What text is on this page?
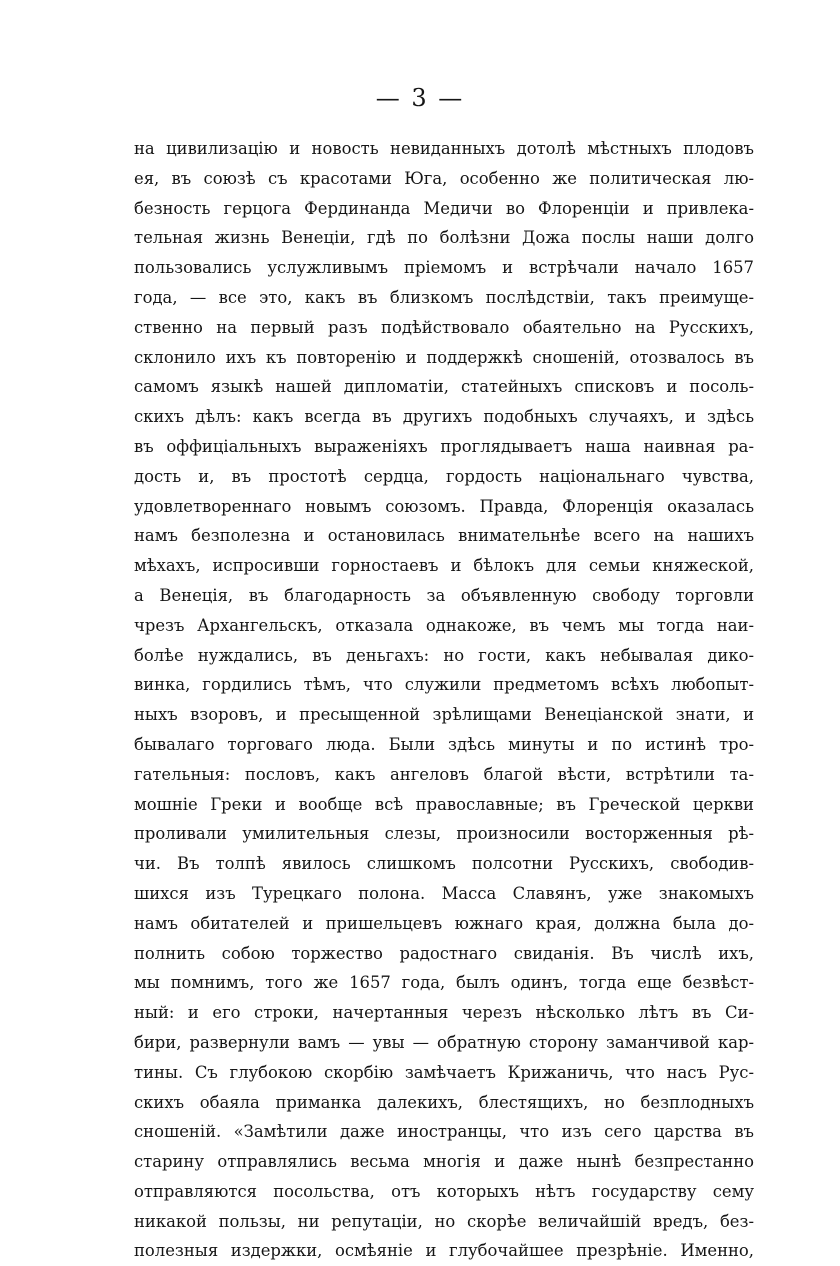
— 3 —
на цивилизацію и новость невиданныхъ дотолѣ мѣстныхъ плодовъ
ея, въ союзѣ съ красотами Юга, особенно же политическая лю-
безность герцога Фердинанда Медичи во Флоренціи и привлека-
тельная жизнь Венеціи, гдѣ по болѣзни Дожа послы наши долго
пользовались услужливымъ пріемомъ и встрѣчали начало 1657
года, — все это, какъ въ близкомъ послѣдствіи, такъ преимуще-
ственно на первый разъ подѣйствовало обаятельно на Русскихъ,
склонило ихъ къ повторенію и поддержкѣ сношеній, отозвалось въ
самомъ языкѣ нашей дипломатіи, статейныхъ списковъ и посоль-
скихъ дѣлъ: какъ всегда въ другихъ подобныхъ случаяхъ, и здѣсь
въ оффиціальныхъ выраженіяхъ проглядываетъ наша наивная ра-
дость и, въ простотѣ сердца, гордость національнаго чувства,
удовлетвореннаго новымъ союзомъ. Правда, Флоренція оказалась
намъ безполезна и остановилась внимательнѣе всего на нашихъ
мѣхахъ, испросивши горностаевъ и бѣлокъ для семьи княжеской,
а Венеція, въ благодарность за объявленную свободу торговли
чрезъ Архангельскъ, отказала однакоже, въ чемъ мы тогда наи-
болѣе нуждались, въ деньгахъ: но гости, какъ небывалая дико-
винка, гордились тѣмъ, что служили предметомъ всѣхъ любопыт-
ныхъ взоровъ, и пресыщенной зрѣлищами Венеціанской знати, и
бывалаго торговаго люда. Были здѣсь минуты и по истинѣ тро-
гательныя: пословъ, какъ ангеловъ благой вѣсти, встрѣтили та-
мошніе Греки и вообще всѣ православные; въ Греческой церкви
проливали умилительныя слезы, произносили восторженныя рѣ-
чи. Въ толпѣ явилось слишкомъ полсотни Русскихъ, свободив-
шихся изъ Турецкаго полона. Масса Славянъ, уже знакомыхъ
намъ обитателей и пришельцевъ южнаго края, должна была до-
полнить собою торжество радостнаго свиданія. Въ числѣ ихъ,
мы помнимъ, того же 1657 года, былъ одинъ, тогда еще безвѣст-
ный: и его строки, начертанныя черезъ нѣсколько лѣтъ въ Си-
бири, развернули вамъ — увы — обратную сторону заманчивой кар-
тины. Съ глубокою скорбію замѣчаетъ Крижаничь, что насъ Рус-
скихъ обаяла приманка далекихъ, блестящихъ, но безплодныхъ
сношеній. «Замѣтили даже иностранцы, что изъ сего царства въ
старину отправлялись весьма многія и даже нынѣ безпрестанно
отправляются посольства, отъ которыхъ нѣтъ государству сему
никакой пользы, ни репутаціи, но скорѣе величайшій вредъ, без-
полезныя издержки, осмѣяніе и глубочайшее презрѣніе. Именно,
